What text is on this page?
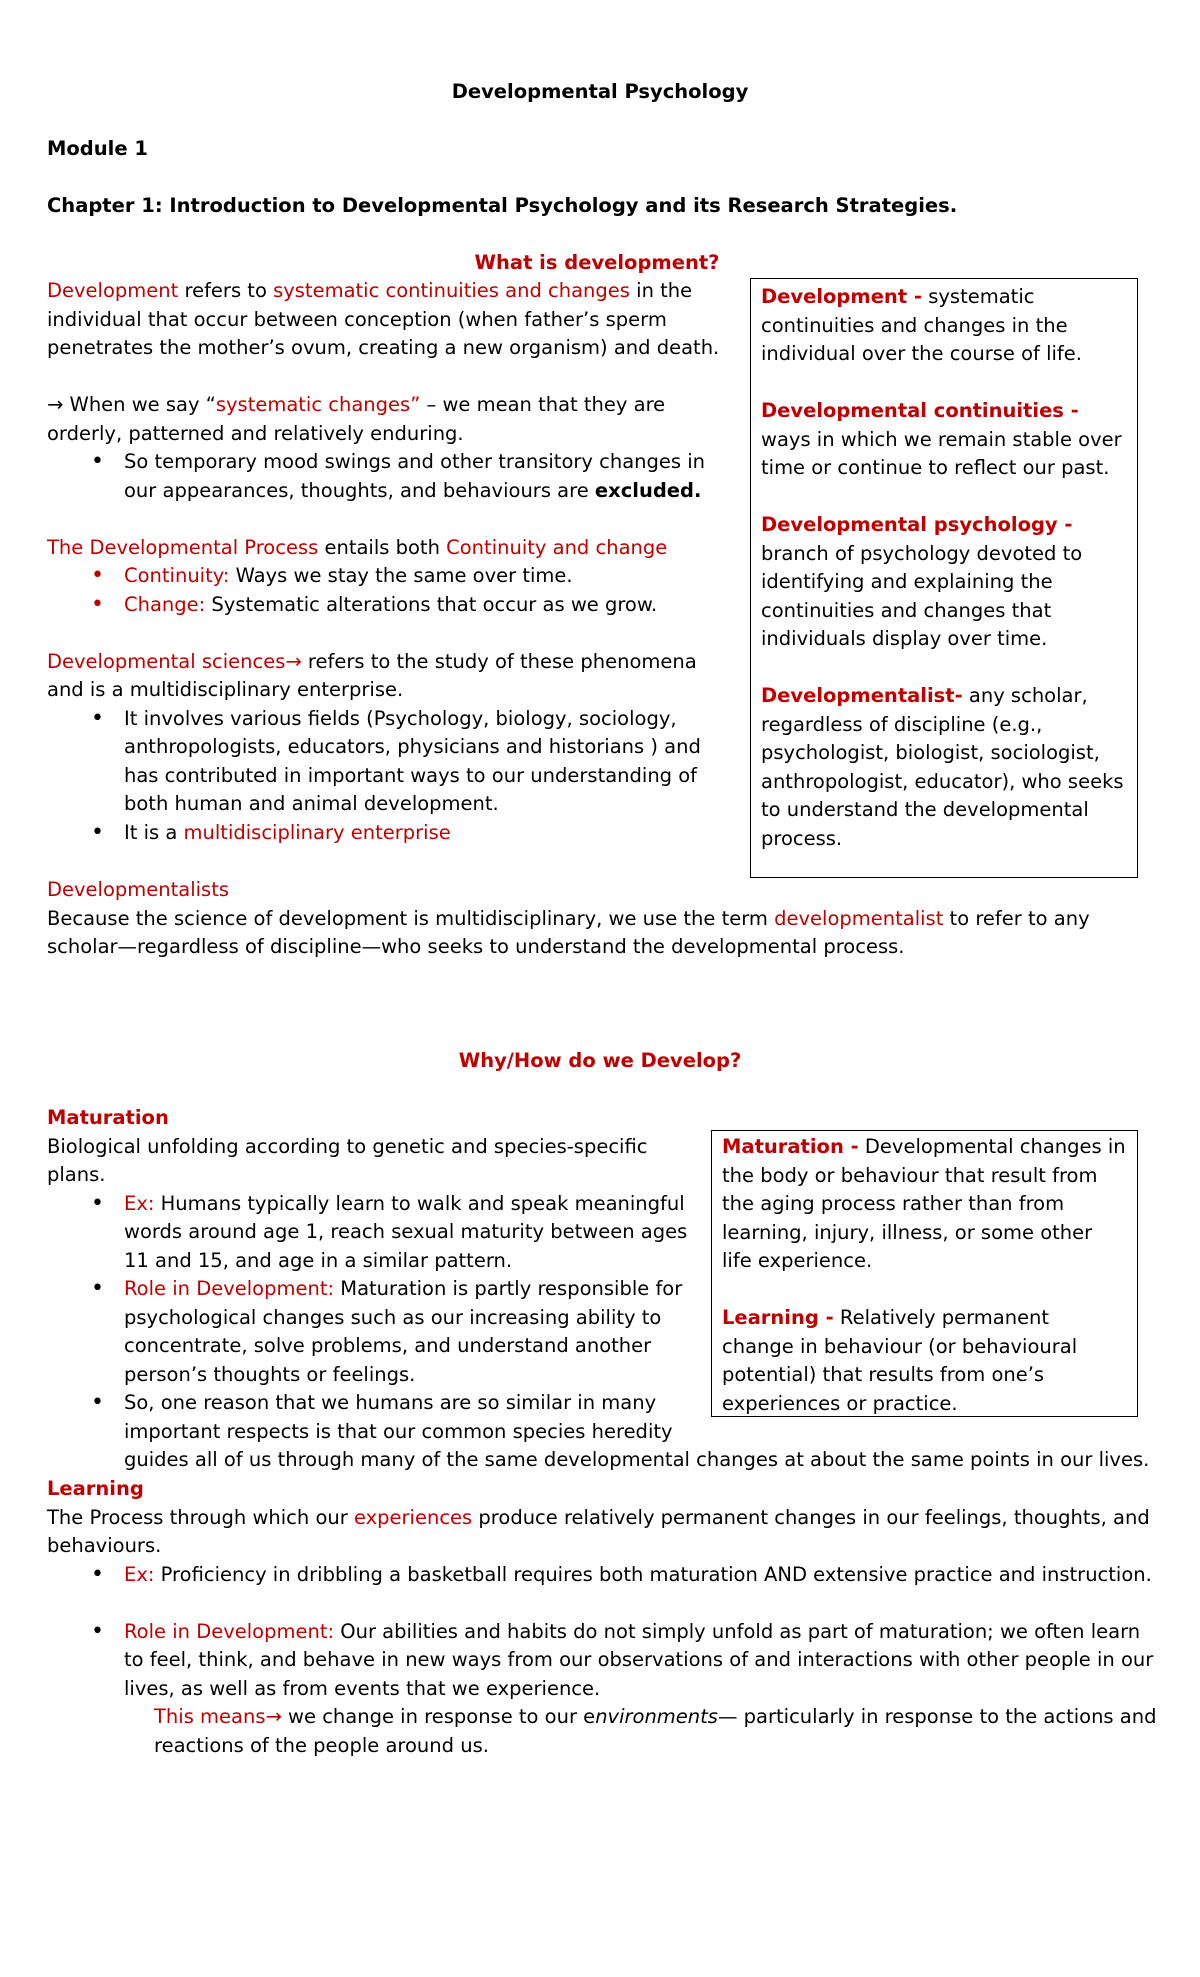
Developmental Psychology
Module 1
Chapter 1: Introduction to Developmental Psychology and its Research Strategies.
What is development?

Development refers to systematic continuities and changes in the individual that occur between conception (when father’s sperm penetrates the mother’s ovum, creating a new organism) and death.

→ When we say “systematic changes” – we mean that they are orderly, patterned and relatively enduring.

• So temporary mood swings and other transitory changes in our appearances, thoughts, and behaviours are excluded.

The Developmental Process entails both Continuity and change

• Continuity: Ways we stay the same over time.
• Change: Systematic alterations that occur as we grow.

Developmental sciences→ refers to the study of these phenomena and is a multidisciplinary enterprise.

• It involves various fields (Psychology, biology, sociology, anthropologists, educators, physicians and historians ) and has contributed in important ways to our understanding of both human and animal development.
• It is a multidisciplinary enterprise

Developmentalists

Because the science of development is multidisciplinary, we use the term developmentalist to refer to any scholar—regardless of discipline—who seeks to understand the developmental process.

Development - systematic continuities and changes in the individual over the course of life.

Developmental continuities - ways in which we remain stable over time or continue to reflect our past.

Developmental psychology - branch of psychology devoted to identifying and explaining the continuities and changes that individuals display over time.

Developmentalist- any scholar, regardless of discipline (e.g., psychologist, biologist, sociologist, anthropologist, educator), who seeks to understand the developmental process.

Why/How do we Develop?

Maturation

Biological unfolding according to genetic and species-specific plans.

• Ex: Humans typically learn to walk and speak meaningful words around age 1, reach sexual maturity between ages 11 and 15, and age in a similar pattern.
• Role in Development: Maturation is partly responsible for psychological changes such as our increasing ability to concentrate, solve problems, and understand another person’s thoughts or feelings.
• So, one reason that we humans are so similar in many
important respects is that our common species heredity
guides all of us through many of the same developmental changes at about the same points in our lives.

Maturation - Developmental changes in the body or behaviour that result from the aging process rather than from learning, injury, illness, or some other life experience.

Learning - Relatively permanent change in behaviour (or behavioural potential) that results from one’s experiences or practice.

Learning

The Process through which our experiences produce relatively permanent changes in our feelings, thoughts, and behaviours.

• Ex: Proficiency in dribbling a basketball requires both maturation AND extensive practice and instruction.
• Role in Development: Our abilities and habits do not simply unfold as part of maturation; we often learn to feel, think, and behave in new ways from our observations of and interactions with other people in our lives, as well as from events that we experience.

This means→ we change in response to our environments— particularly in response to the actions and reactions of the people around us.
